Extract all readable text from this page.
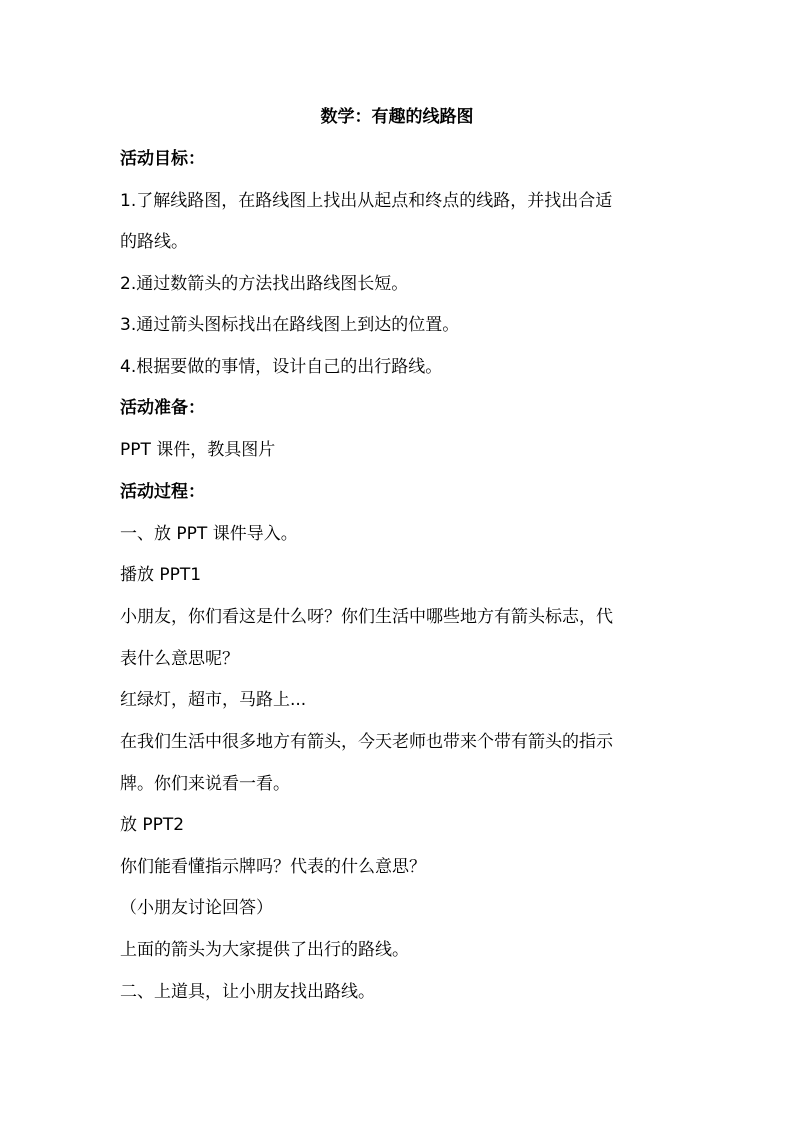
数学：有趣的线路图
活动目标：
1.了解线路图，在路线图上找出从起点和终点的线路，并找出合适
的路线。
2.通过数箭头的方法找出路线图长短。
3.通过箭头图标找出在路线图上到达的位置。
4.根据要做的事情，设计自己的出行路线。
活动准备：
PPT 课件，教具图片
活动过程：
一、放 PPT 课件导入。
播放 PPT1
小朋友，你们看这是什么呀？你们生活中哪些地方有箭头标志，代
表什么意思呢？
红绿灯，超市，马路上...
在我们生活中很多地方有箭头，今天老师也带来个带有箭头的指示
牌。你们来说看一看。
放 PPT2
你们能看懂指示牌吗？代表的什么意思？
（小朋友讨论回答）
上面的箭头为大家提供了出行的路线。
二、上道具，让小朋友找出路线。
